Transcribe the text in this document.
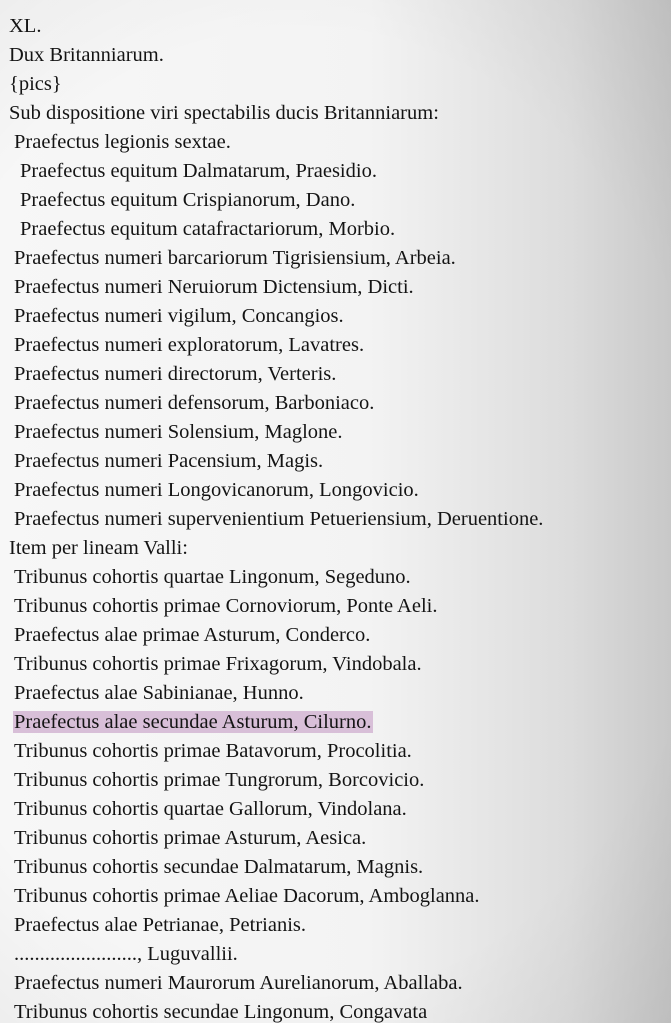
XL.
Dux Britanniarum.
{pics}
Sub dispositione viri spectabilis ducis Britanniarum:
Praefectus legionis sextae.
Praefectus equitum Dalmatarum, Praesidio.
Praefectus equitum Crispianorum, Dano.
Praefectus equitum catafractariorum, Morbio.
Praefectus numeri barcariorum Tigrisiensium, Arbeia.
Praefectus numeri Neruiorum Dictensium, Dicti.
Praefectus numeri vigilum, Concangios.
Praefectus numeri exploratorum, Lavatres.
Praefectus numeri directorum, Verteris.
Praefectus numeri defensorum, Barboniaco.
Praefectus numeri Solensium, Maglone.
Praefectus numeri Pacensium, Magis.
Praefectus numeri Longovicanorum, Longovicio.
Praefectus numeri supervenientium Petueriensium, Deruentione.
Item per lineam Valli:
Tribunus cohortis quartae Lingonum, Segeduno.
Tribunus cohortis primae Cornoviorum, Ponte Aeli.
Praefectus alae primae Asturum, Conderco.
Tribunus cohortis primae Frixagorum, Vindobala.
Praefectus alae Sabinianae, Hunno.
Praefectus alae secundae Asturum, Cilurno.
Tribunus cohortis primae Batavorum, Procolitia.
Tribunus cohortis primae Tungrorum, Borcovicio.
Tribunus cohortis quartae Gallorum, Vindolana.
Tribunus cohortis primae Asturum, Aesica.
Tribunus cohortis secundae Dalmatarum, Magnis.
Tribunus cohortis primae Aeliae Dacorum, Amboglanna.
Praefectus alae Petrianae, Petrianis.
........................, Luguvallii.
Praefectus numeri Maurorum Aurelianorum, Aballaba.
Tribunus cohortis secundae Lingonum, Congavata
